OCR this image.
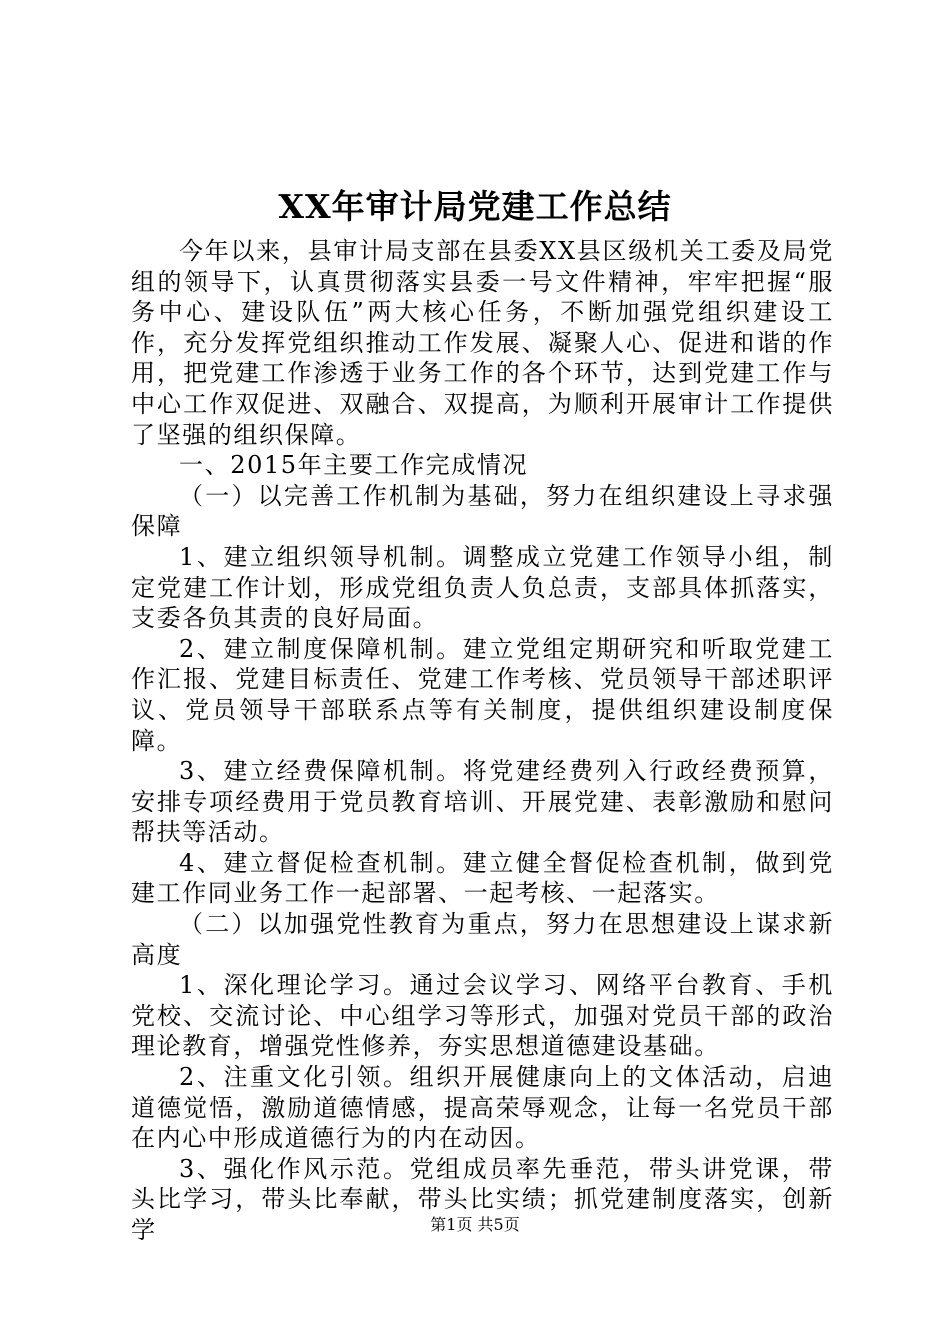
XX年审计局党建工作总结

今年以来，县审计局支部在县委XX县区级机关工委及局党组的领导下，认真贯彻落实县委一号文件精神，牢牢把握“服务中心、建设队伍”两大核心任务，不断加强党组织建设工作，充分发挥党组织推动工作发展、凝聚人心、促进和谐的作用，把党建工作渗透于业务工作的各个环节，达到党建工作与中心工作双促进、双融合、双提高，为顺利开展审计工作提供了坚强的组织保障。

一、2015年主要工作完成情况

（一）以完善工作机制为基础，努力在组织建设上寻求强保障

1、建立组织领导机制。调整成立党建工作领导小组，制定党建工作计划，形成党组负责人负总责，支部具体抓落实，支委各负其责的良好局面。

2、建立制度保障机制。建立党组定期研究和听取党建工作汇报、党建目标责任、党建工作考核、党员领导干部述职评议、党员领导干部联系点等有关制度，提供组织建设制度保障。

3、建立经费保障机制。将党建经费列入行政经费预算，安排专项经费用于党员教育培训、开展党建、表彰激励和慰问帮扶等活动。

4、建立督促检查机制。建立健全督促检查机制，做到党建工作同业务工作一起部署、一起考核、一起落实。

（二）以加强党性教育为重点，努力在思想建设上谋求新高度

1、深化理论学习。通过会议学习、网络平台教育、手机党校、交流讨论、中心组学习等形式，加强对党员干部的政治理论教育，增强党性修养，夯实思想道德建设基础。

2、注重文化引领。组织开展健康向上的文体活动，启迪道德觉悟，激励道德情感，提高荣辱观念，让每一名党员干部在内心中形成道德行为的内在动因。

3、强化作风示范。党组成员率先垂范，带头讲党课，带头比学习，带头比奉献，带头比实绩；抓党建制度落实，创新学	第1页 共5页
